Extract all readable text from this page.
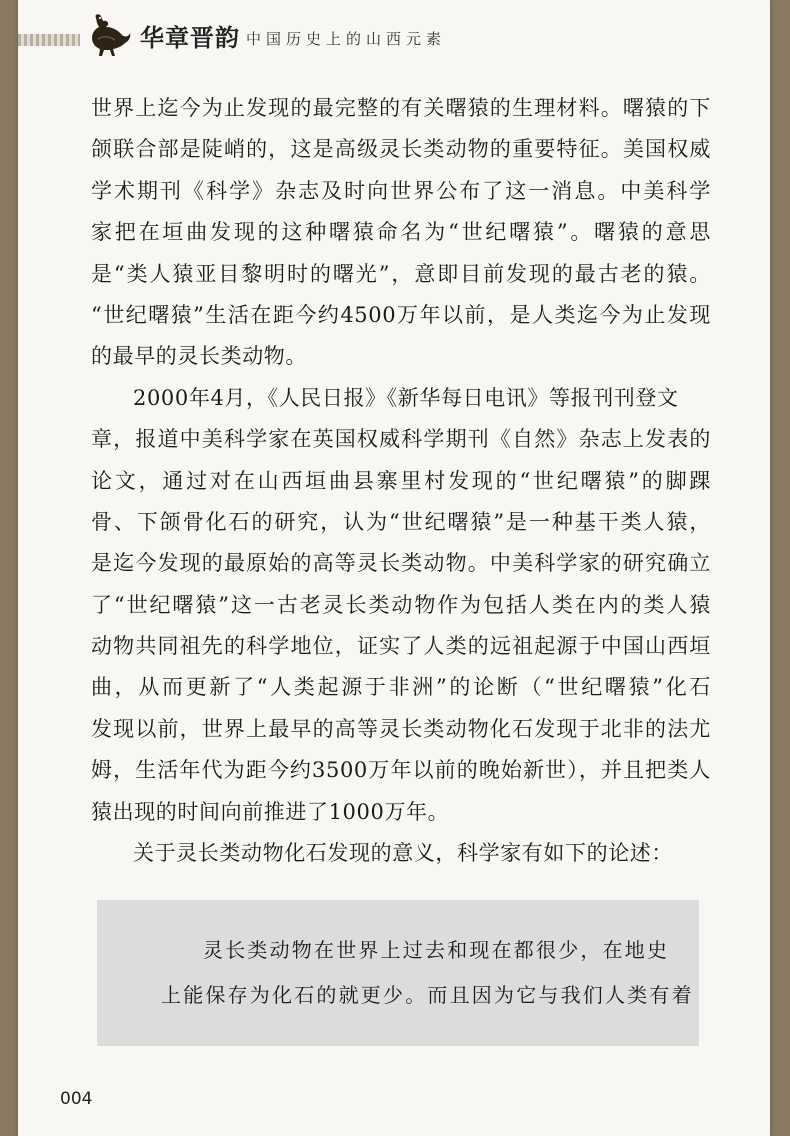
华章晋韵 中国历史上的山西元素
世界上迄今为止发现的最完整的有关曙猿的生理材料。曙猿的下
颌联合部是陡峭的，这是高级灵长类动物的重要特征。美国权威
学术期刊《科学》杂志及时向世界公布了这一消息。中美科学
家把在垣曲发现的这种曙猿命名为“世纪曙猿”。曙猿的意思
是“类人猿亚目黎明时的曙光”，意即目前发现的最古老的猿。
“世纪曙猿”生活在距今约4500万年以前，是人类迄今为止发现
的最早的灵长类动物。
2000年4月，《人民日报》《新华每日电讯》等报刊刊登文
章，报道中美科学家在英国权威科学期刊《自然》杂志上发表的
论文，通过对在山西垣曲县寨里村发现的“世纪曙猿”的脚踝
骨、下颌骨化石的研究，认为“世纪曙猿”是一种基干类人猿，
是迄今发现的最原始的高等灵长类动物。中美科学家的研究确立
了“世纪曙猿”这一古老灵长类动物作为包括人类在内的类人猿
动物共同祖先的科学地位，证实了人类的远祖起源于中国山西垣
曲，从而更新了“人类起源于非洲”的论断（“世纪曙猿”化石
发现以前，世界上最早的高等灵长类动物化石发现于北非的法尤
姆，生活年代为距今约3500万年以前的晚始新世），并且把类人
猿出现的时间向前推进了1000万年。
关于灵长类动物化石发现的意义，科学家有如下的论述：
灵长类动物在世界上过去和现在都很少，在地史
上能保存为化石的就更少。而且因为它与我们人类有着
004
